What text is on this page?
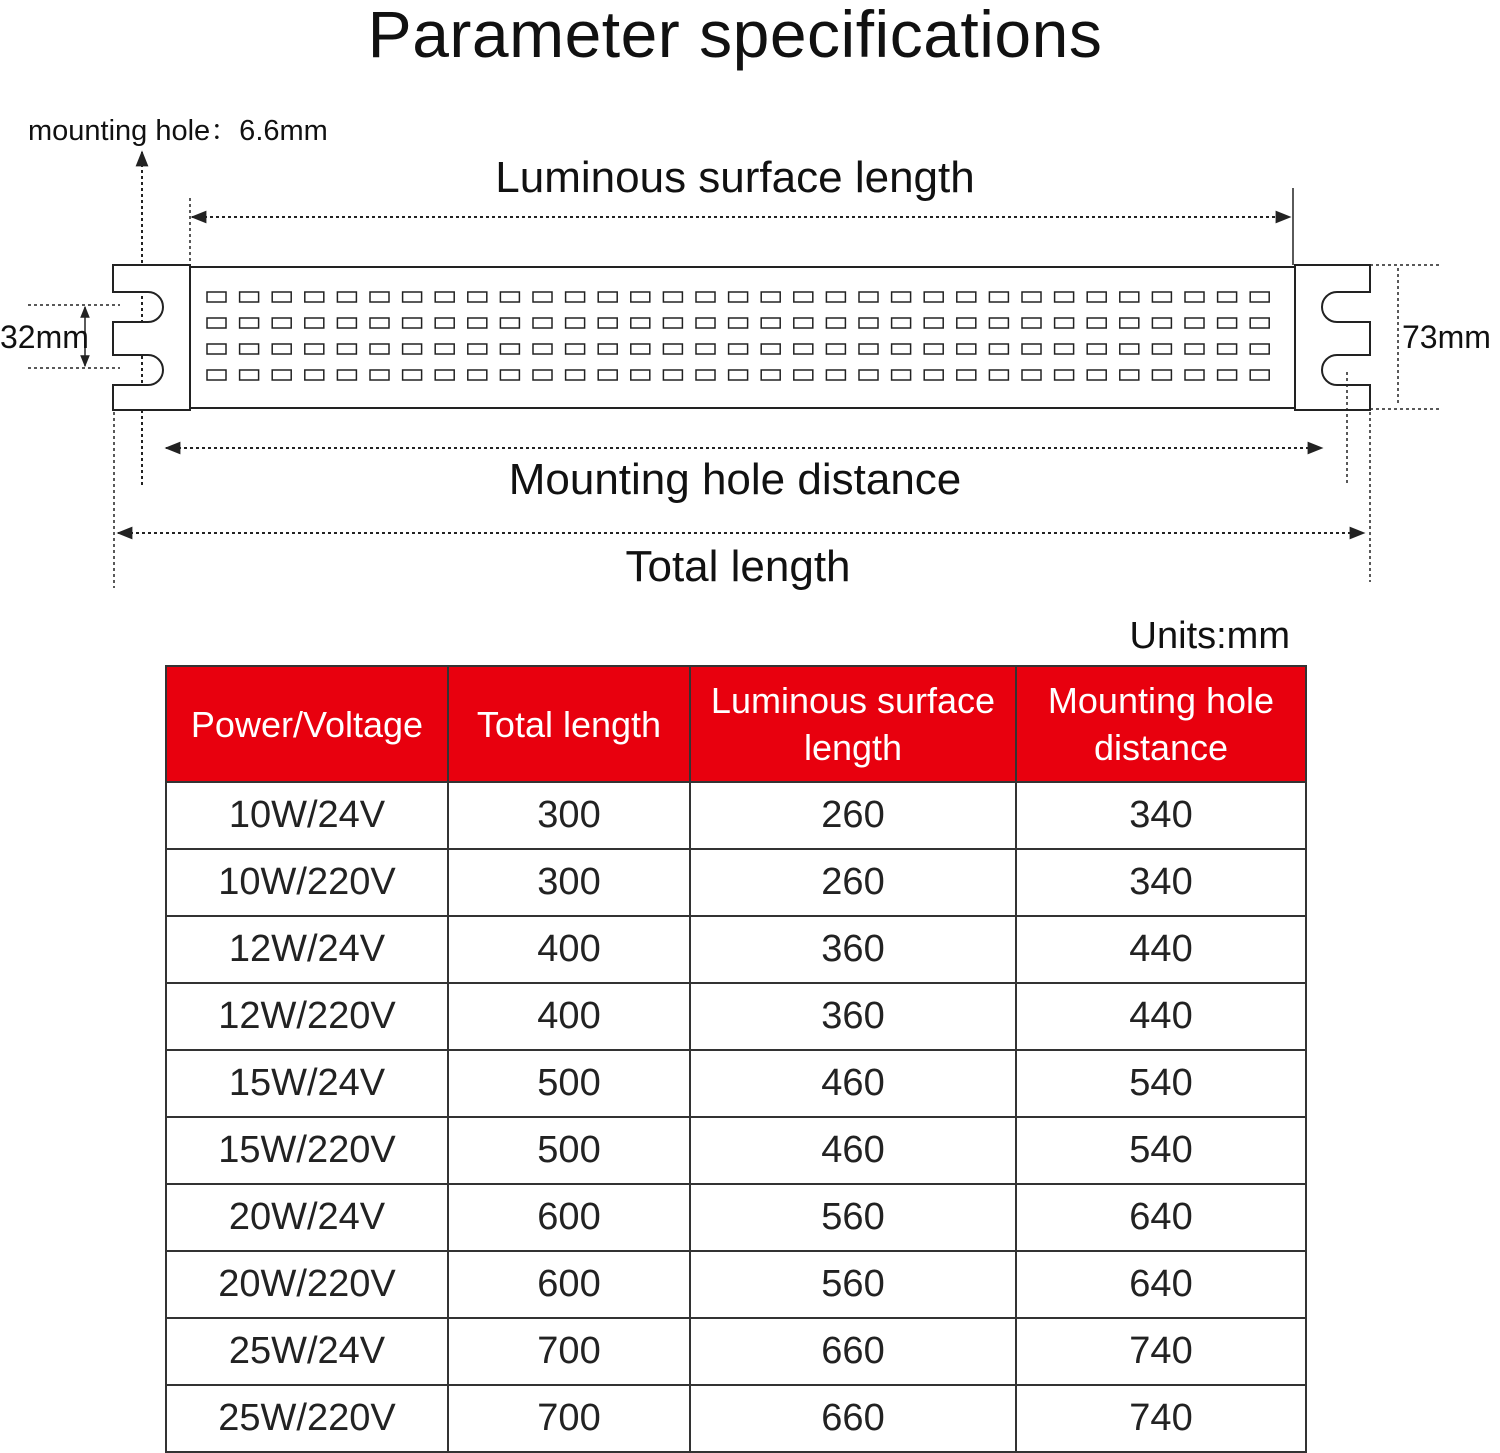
Parameter specifications
mounting hole：6.6mm
Luminous surface length
32mm	73mm
Mounting hole distance
Total length
Units:mm
Power/Voltage	Total length	Luminous surface length	Mounting hole distance
10W/24V	300	260	340
10W/220V	300	260	340
12W/24V	400	360	440
12W/220V	400	360	440
15W/24V	500	460	540
15W/220V	500	460	540
20W/24V	600	560	640
20W/220V	600	560	640
25W/24V	700	660	740
25W/220V	700	660	740
